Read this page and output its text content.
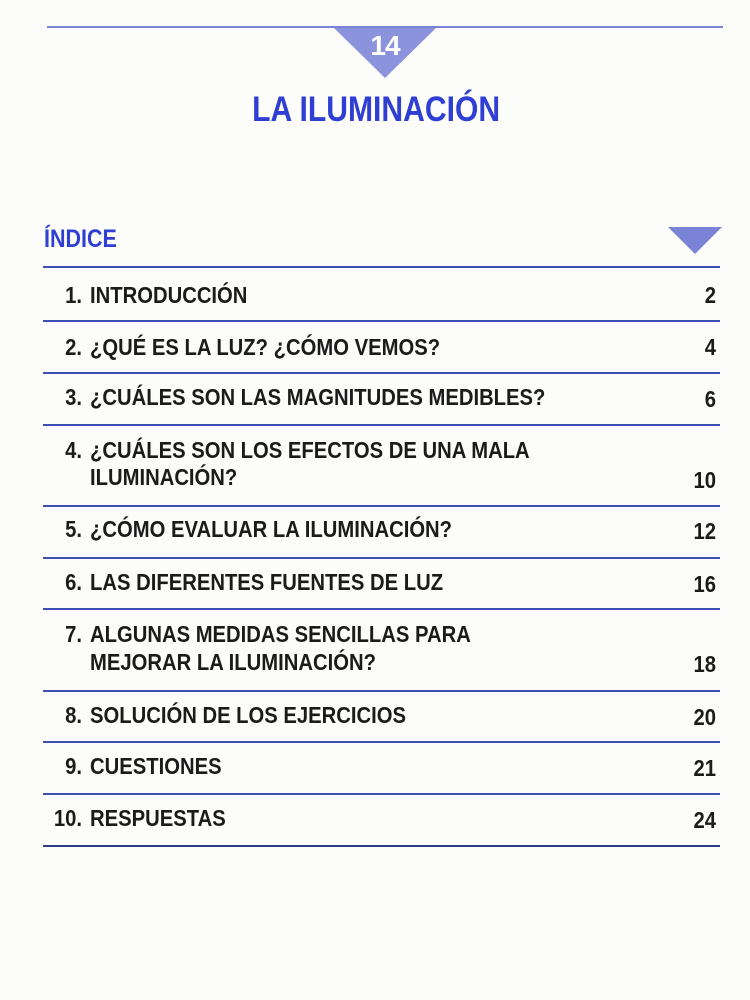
14
LA ILUMINACIÓN
ÍNDICE
1. INTRODUCCIÓN	2
2. ¿QUÉ ES LA LUZ? ¿CÓMO VEMOS?	4
3. ¿CUÁLES SON LAS MAGNITUDES MEDIBLES?	6
4. ¿CUÁLES SON LOS EFECTOS DE UNA MALA
ILUMINACIÓN?	10
5. ¿CÓMO EVALUAR LA ILUMINACIÓN?	12
6. LAS DIFERENTES FUENTES DE LUZ	16
7. ALGUNAS MEDIDAS SENCILLAS PARA
MEJORAR LA ILUMINACIÓN?	18
8. SOLUCIÓN DE LOS EJERCICIOS	20
9. CUESTIONES	21
10. RESPUESTAS	24
